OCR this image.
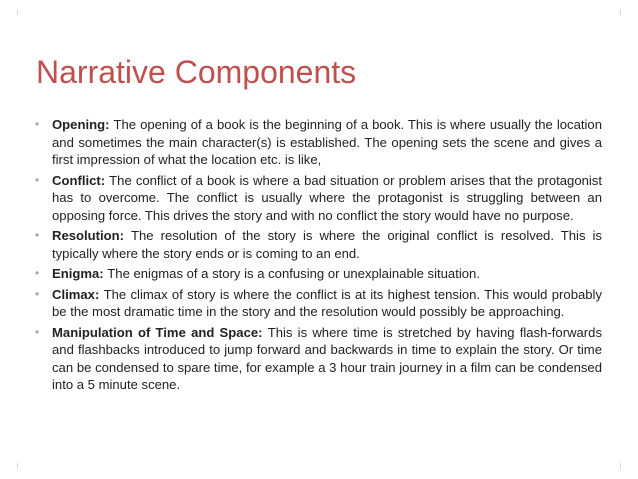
Narrative Components
• Opening: The opening of a book is the beginning of a book. This is where usually the location and sometimes the main character(s) is established. The opening sets the scene and gives a first impression of what the location etc. is like,
• Conflict: The conflict of a book is where a bad situation or problem arises that the protagonist has to overcome. The conflict is usually where the protagonist is struggling between an opposing force. This drives the story and with no conflict the story would have no purpose.
• Resolution: The resolution of the story is where the original conflict is resolved. This is typically where the story ends or is coming to an end.
• Enigma: The enigmas of a story is a confusing or unexplainable situation.
• Climax: The climax of story is where the conflict is at its highest tension. This would probably be the most dramatic time in the story and the resolution would possibly be approaching.
• Manipulation of Time and Space: This is where time is stretched by having flash-forwards and flashbacks introduced to jump forward and backwards in time to explain the story. Or time can be condensed to spare time, for example a 3 hour train journey in a film can be condensed into a 5 minute scene.
